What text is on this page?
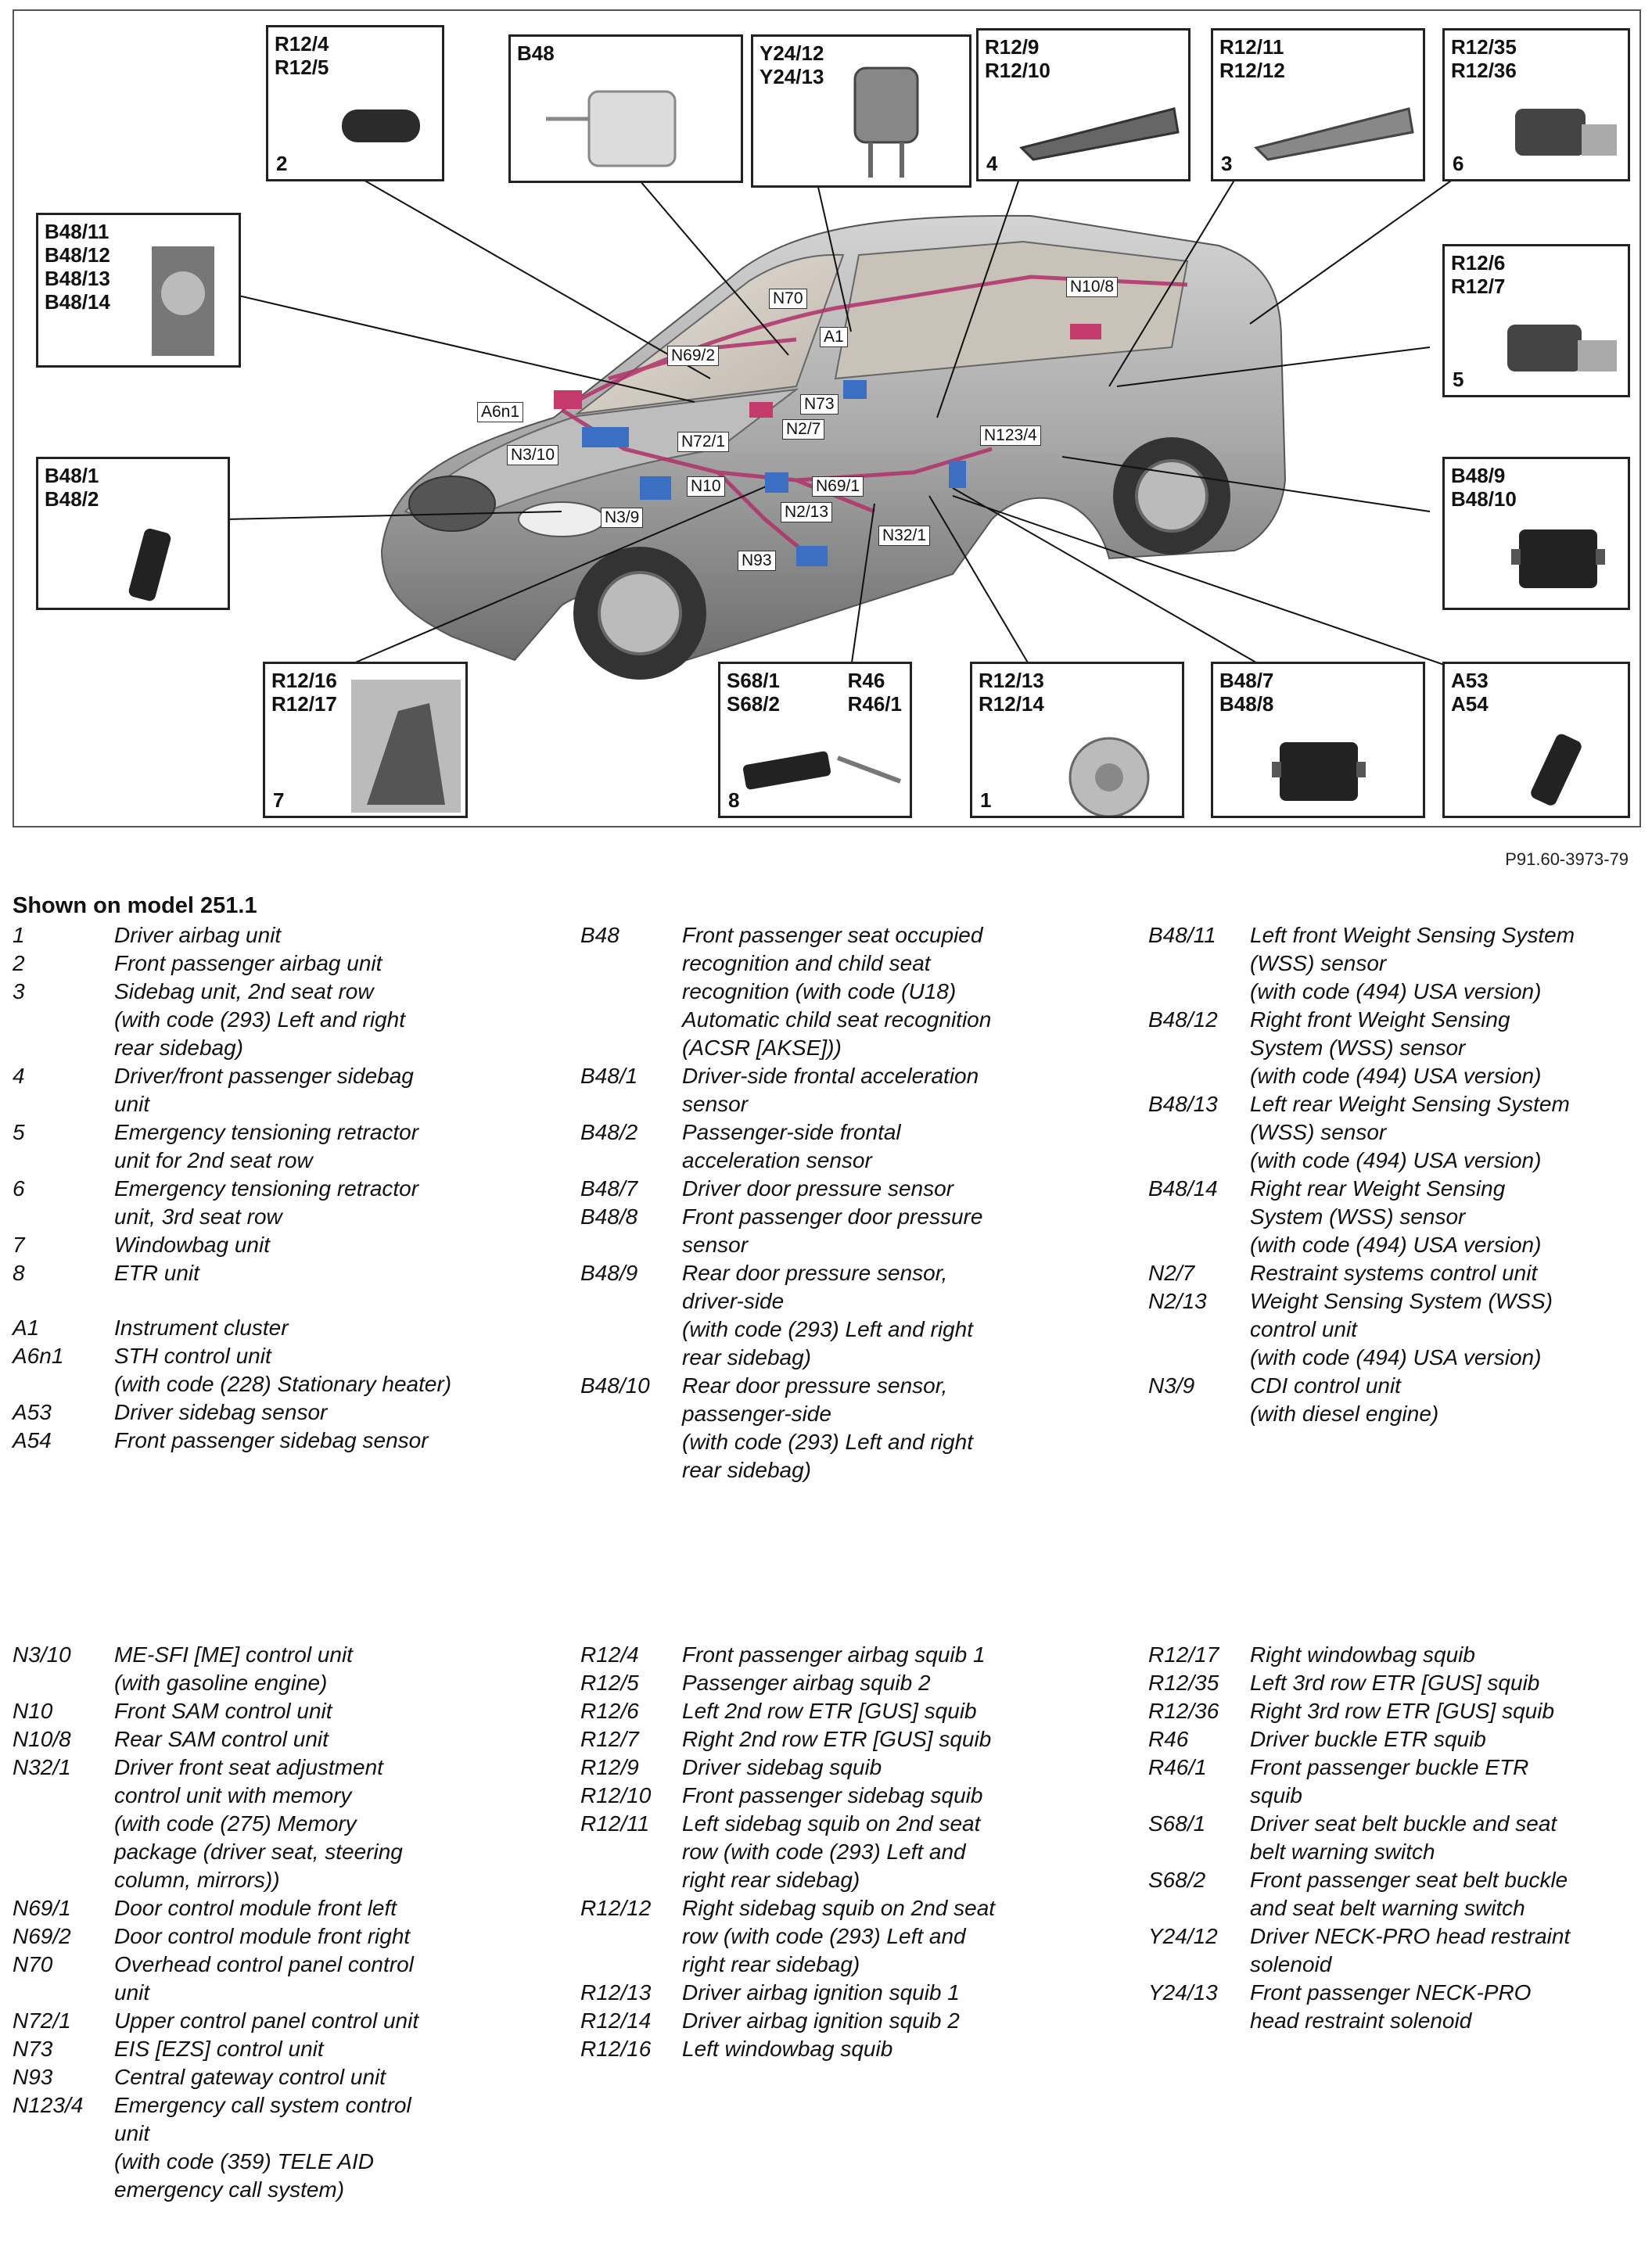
R12/4
R12/5
2
B48	Y24/12
Y24/13
R12/9
R12/10
4
R12/11
R12/12
3
R12/35
R12/36
6
B48/11
B48/12
B48/13
B48/14
R12/6
R12/7
5
B48/1
B48/2
B48/9
B48/10
R12/16
R12/17
7
S68/1
S68/2
R46
R46/1
8
R12/13
R12/14
1
B48/7
B48/8
A53
A54
N70
N10/8
A1
N69/2
N73
A6n1
N2/7
N72/1	N123/4
N3/10
N69/1
N10
N3/9	N2/13
N32/1
N93
P91.60-3973-79
Shown on model 251.1
1	Driver airbag unit
2	Front passenger airbag unit
3	Sidebag unit, 2nd seat row
(with code (293) Left and right
rear sidebag)
4	Driver/front passenger sidebag
unit
5	Emergency tensioning retractor
unit for 2nd seat row
6	Emergency tensioning retractor
unit, 3rd seat row
7	Windowbag unit
8	ETR unit
A1	Instrument cluster
A6n1	STH control unit
(with code (228) Stationary heater)
A53	Driver sidebag sensor
A54	Front passenger sidebag sensor
B48	Front passenger seat occupied
recognition and child seat
recognition (with code (U18)
Automatic child seat recognition
(ACSR [AKSE]))
B48/1	Driver-side frontal acceleration
sensor
B48/2	Passenger-side frontal
acceleration sensor
B48/7	Driver door pressure sensor
B48/8	Front passenger door pressure
sensor
B48/9	Rear door pressure sensor,
driver-side
(with code (293) Left and right
rear sidebag)
B48/10	Rear door pressure sensor,
passenger-side
(with code (293) Left and right
rear sidebag)
B48/11	Left front Weight Sensing System
(WSS) sensor
(with code (494) USA version)
B48/12	Right front Weight Sensing
System (WSS) sensor
(with code (494) USA version)
B48/13	Left rear Weight Sensing System
(WSS) sensor
(with code (494) USA version)
B48/14	Right rear Weight Sensing
System (WSS) sensor
(with code (494) USA version)
N2/7	Restraint systems control unit
N2/13	Weight Sensing System (WSS)
control unit
(with code (494) USA version)
N3/9	CDI control unit
(with diesel engine)
N3/10	ME-SFI [ME] control unit
(with gasoline engine)
N10	Front SAM control unit
N10/8	Rear SAM control unit
N32/1	Driver front seat adjustment
control unit with memory
(with code (275) Memory
package (driver seat, steering
column, mirrors))
N69/1	Door control module front left
N69/2	Door control module front right
N70	Overhead control panel control
unit
N72/1	Upper control panel control unit
N73	EIS [EZS] control unit
N93	Central gateway control unit
N123/4	Emergency call system control
unit
(with code (359) TELE AID
emergency call system)
R12/4	Front passenger airbag squib 1
R12/5	Passenger airbag squib 2
R12/6	Left 2nd row ETR [GUS] squib
R12/7	Right 2nd row ETR [GUS] squib
R12/9	Driver sidebag squib
R12/10	Front passenger sidebag squib
R12/11	Left sidebag squib on 2nd seat
row (with code (293) Left and
right rear sidebag)
R12/12	Right sidebag squib on 2nd seat
row (with code (293) Left and
right rear sidebag)
R12/13	Driver airbag ignition squib 1
R12/14	Driver airbag ignition squib 2
R12/16	Left windowbag squib
R12/17	Right windowbag squib
R12/35	Left 3rd row ETR [GUS] squib
R12/36	Right 3rd row ETR [GUS] squib
R46	Driver buckle ETR squib
R46/1	Front passenger buckle ETR
squib
S68/1	Driver seat belt buckle and seat
belt warning switch
S68/2	Front passenger seat belt buckle
and seat belt warning switch
Y24/12	Driver NECK-PRO head restraint
solenoid
Y24/13	Front passenger NECK-PRO
head restraint solenoid
